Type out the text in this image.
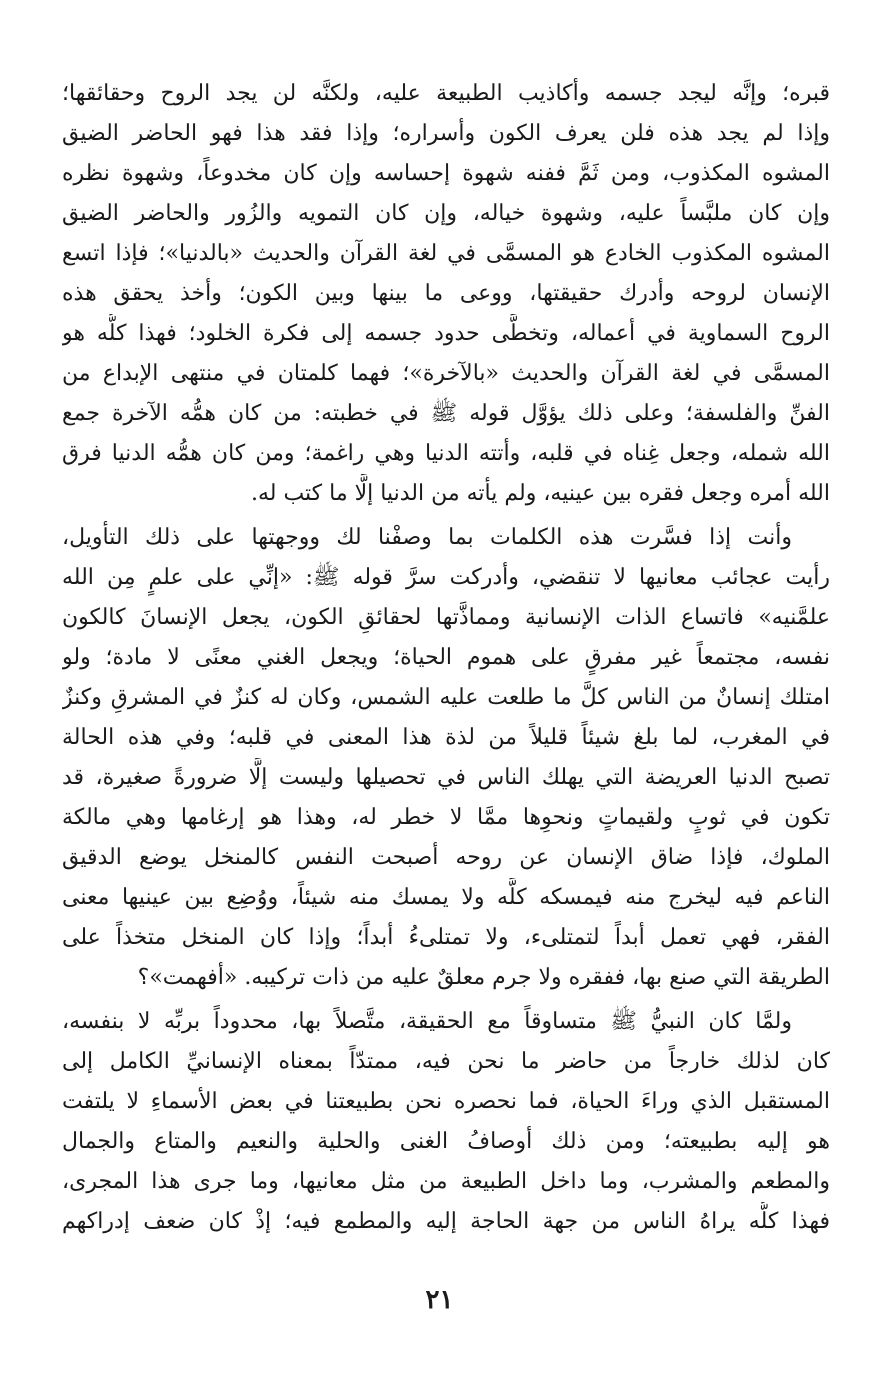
قبره؛ وإنَّه ليجد جسمه وأكاذيب الطبيعة عليه، ولكنَّه لن يجد الروح وحقائقها؛
وإذا لم يجد هذه فلن يعرف الكون وأسراره؛ وإذا فقد هذا فهو الحاضر الضيق
المشوه المكذوب، ومن ثَمَّ ففنه شهوة إحساسه وإن كان مخدوعاً، وشهوة نظره
وإن كان ملبَّساً عليه، وشهوة خياله، وإن كان التمويه والزُور والحاضر الضيق
المشوه المكذوب الخادع هو المسمَّى في لغة القرآن والحديث «بالدنيا»؛ فإذا اتسع
الإنسان لروحه وأدرك حقيقتها، ووعى ما بينها وبين الكون؛ وأخذ يحقق هذه
الروح السماوية في أعماله، وتخطَّى حدود جسمه إلى فكرة الخلود؛ فهذا كلُّه هو
المسمَّى في لغة القرآن والحديث «بالآخرة»؛ فهما كلمتان في منتهى الإبداع من
الفنِّ والفلسفة؛ وعلى ذلك يؤوَّل قوله ﷺ في خطبته: من كان همُّه الآخرة جمع
الله شمله، وجعل غِناه في قلبه، وأتته الدنيا وهي راغمة؛ ومن كان همُّه الدنيا فرق
الله أمره وجعل فقره بين عينيه، ولم يأته من الدنيا إلَّا ما كتب له.
وأنت إذا فسَّرت هذه الكلمات بما وصفْنا لك ووجهتها على ذلك التأويل،
رأيت عجائب معانيها لا تنقضي، وأدركت سرَّ قوله ﷺ: «إنِّي على علمٍ مِن الله
علمَّنيه» فاتساع الذات الإنسانية ومماذَّتها لحقائقِ الكون، يجعل الإنسانَ كالكون
نفسه، مجتمعاً غير مفرقٍ على هموم الحياة؛ ويجعل الغني معنًى لا مادة؛ ولو
امتلك إنسانٌ من الناس كلَّ ما طلعت عليه الشمس، وكان له كنزٌ في المشرقِ وكنزٌ
في المغرب، لما بلغ شيئاً قليلاً من لذة هذا المعنى في قلبه؛ وفي هذه الحالة
تصبح الدنيا العريضة التي يهلك الناس في تحصيلها وليست إلَّا ضرورةً صغيرة، قد
تكون في ثوبٍ ولقيماتٍ ونحوِها ممَّا لا خطر له، وهذا هو إرغامها وهي مالكة
الملوك، فإذا ضاق الإنسان عن روحه أصبحت النفس كالمنخل يوضع الدقيق
الناعم فيه ليخرج منه فيمسكه كلَّه ولا يمسك منه شيئاً، ووُضِع بين عينيها معنى
الفقر، فهي تعمل أبداً لتمتلىء، ولا تمتلىءُ أبداً؛ وإذا كان المنخل متخذاً على
الطريقة التي صنع بها، ففقره ولا جرم معلقٌ عليه من ذات تركيبه. «أفهمت»؟
ولمَّا كان النبيُّ ﷺ متساوقاً مع الحقيقة، متَّصلاً بها، محدوداً بربِّه لا بنفسه،
كان لذلك خارجاً من حاضر ما نحن فيه، ممتدّاً بمعناه الإنسانيِّ الكامل إلى
المستقبل الذي وراءَ الحياة، فما نحصره نحن بطبيعتنا في بعض الأسماءِ لا يلتفت
هو إليه بطبيعته؛ ومن ذلك أوصافُ الغنى والحلية والنعيم والمتاع والجمال
والمطعم والمشرب، وما داخل الطبيعة من مثل معانيها، وما جرى هذا المجرى،
فهذا كلُّه يراهُ الناس من جهة الحاجة إليه والمطمع فيه؛ إذْ كان ضعف إدراكهم
٢١
